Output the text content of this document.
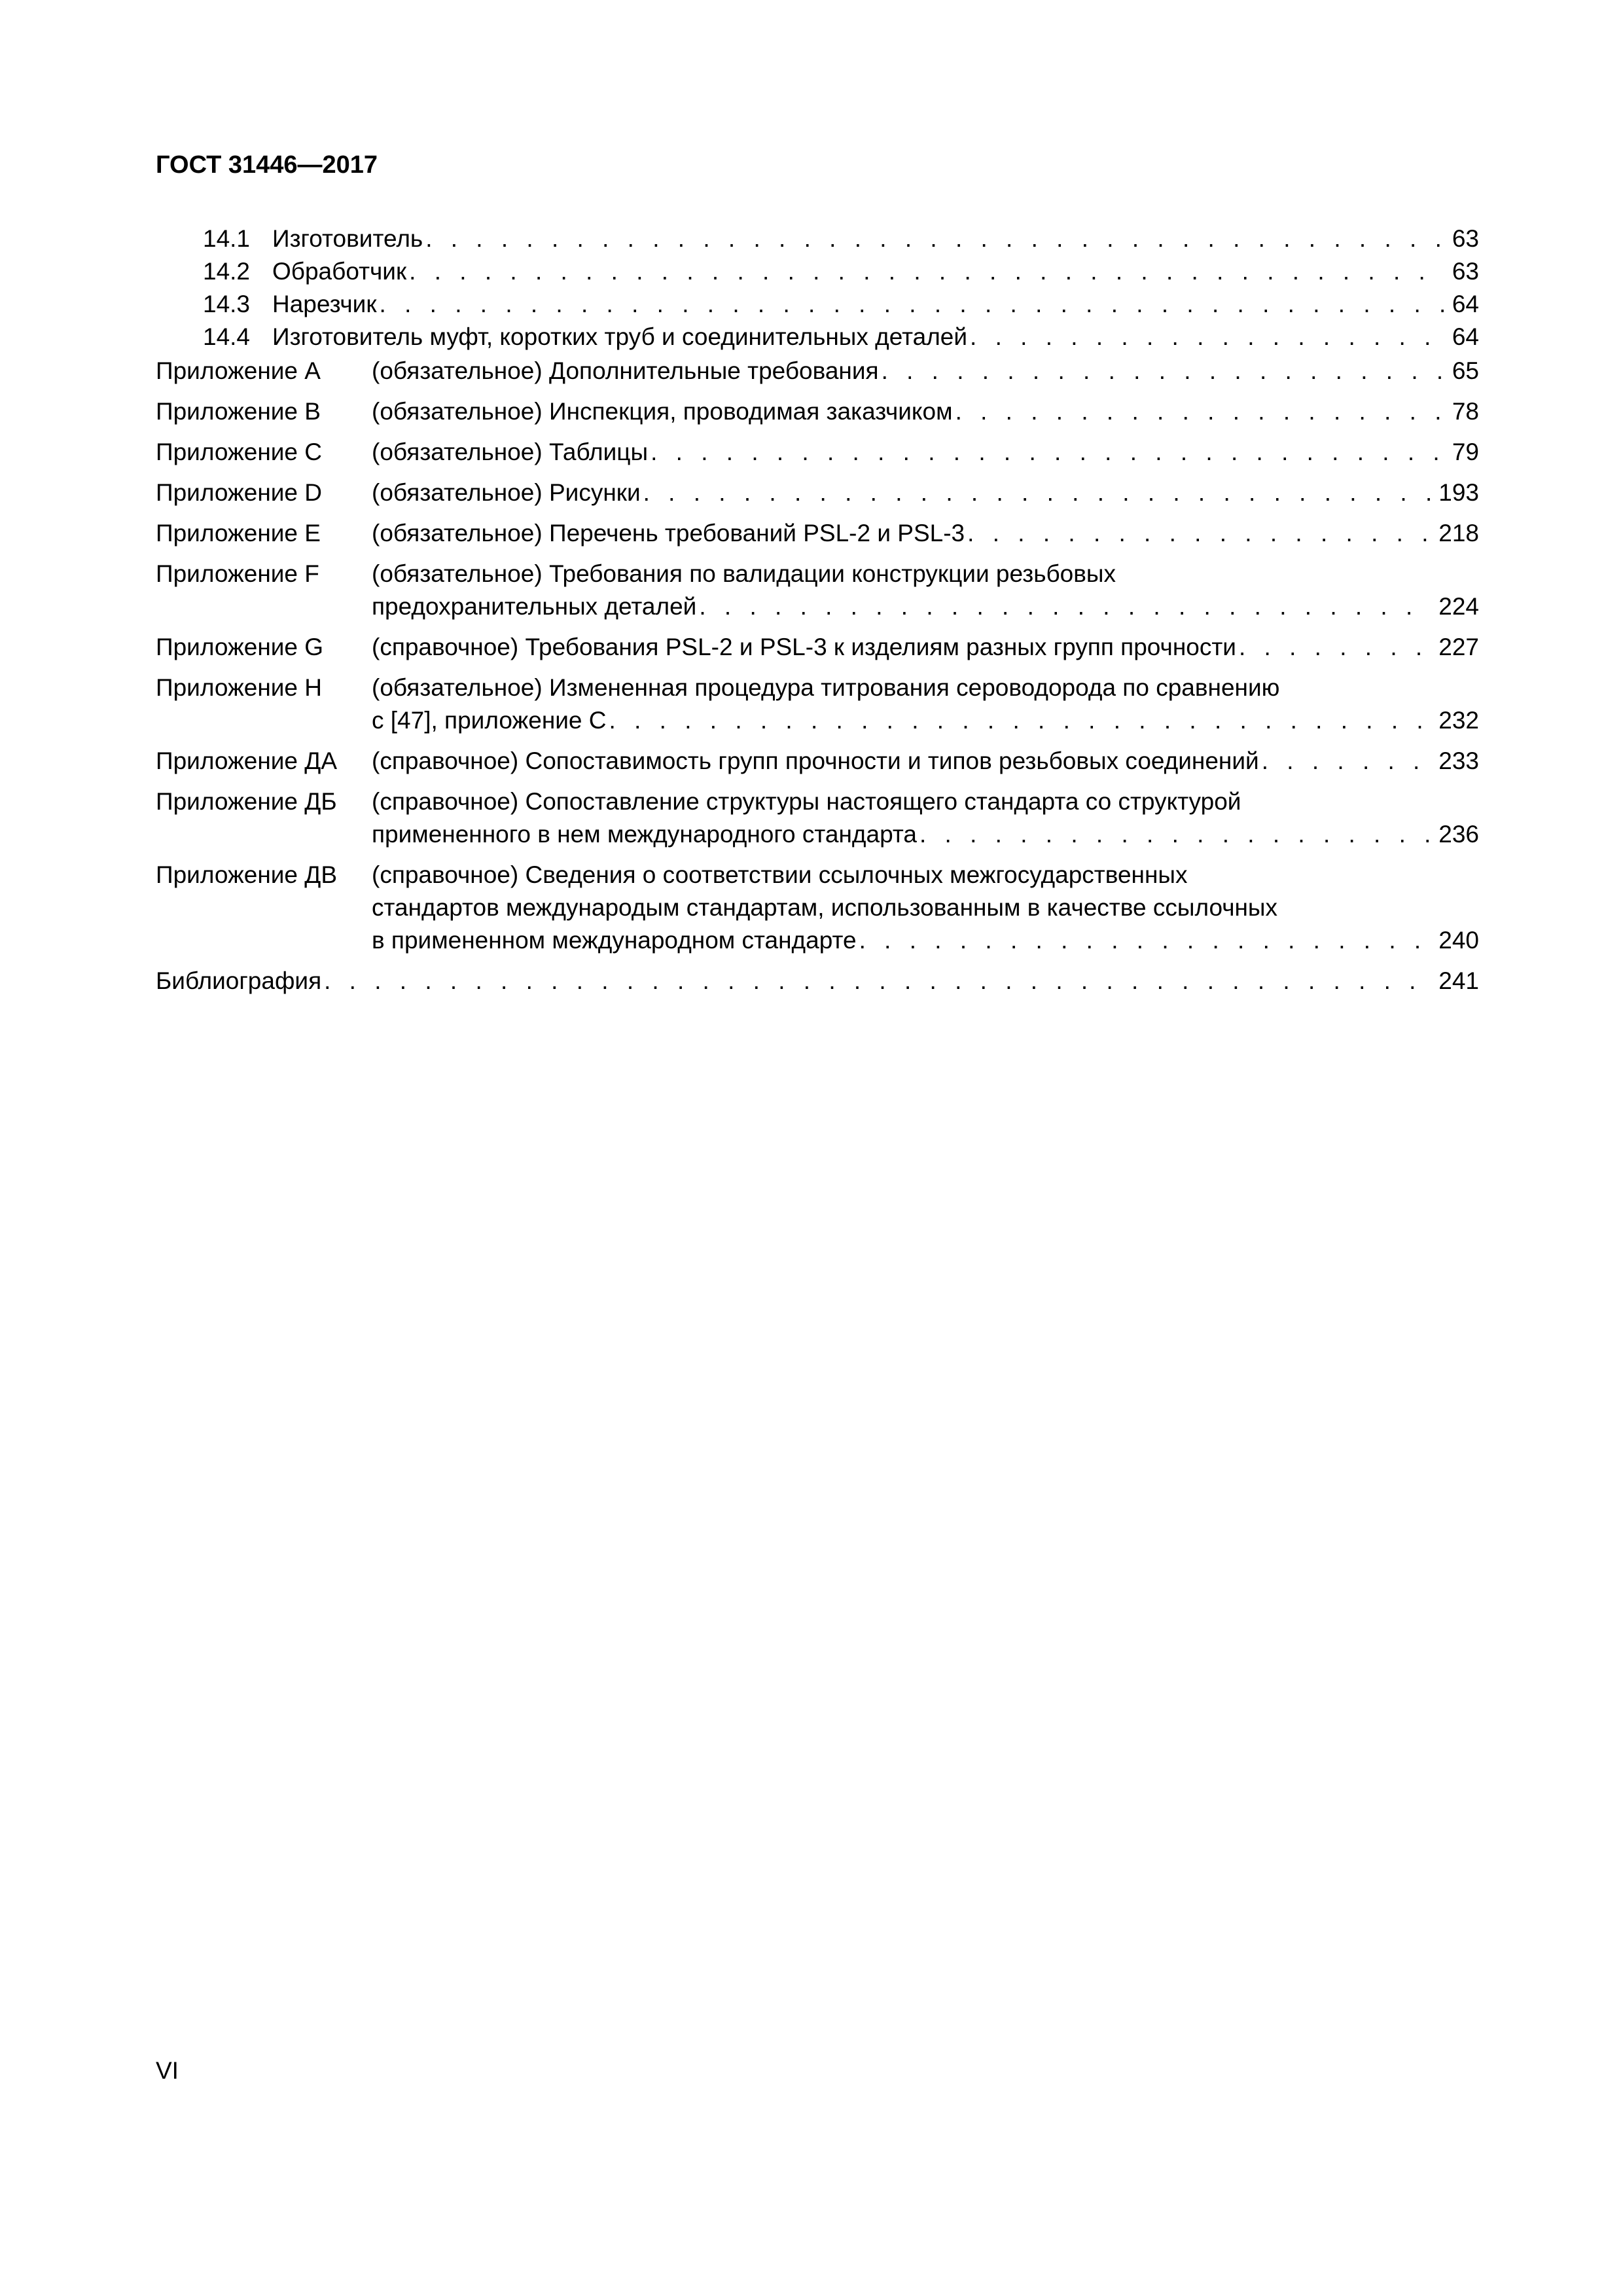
ГОСТ 31446—2017
14.1 Изготовитель . . .	63
14.2 Обработчик . . .	63
14.3 Нарезчик . . .	64
14.4 Изготовитель муфт, коротких труб и соединительных деталей . . .	64
Приложение A	(обязательное) Дополнительные требования . . .	65
Приложение B	(обязательное) Инспекция, проводимая заказчиком . . .	78
Приложение C	(обязательное) Таблицы . . .	79
Приложение D	(обязательное) Рисунки . . .	193
Приложение E	(обязательное) Перечень требований PSL-2 и PSL-3 . . .	218
Приложение F	(обязательное) Требования по валидации конструкции резьбовых
предохранительных деталей . . .	224
Приложение G	(справочное) Требования PSL-2 и PSL-3 к изделиям разных групп прочности . . .	227
Приложение H	(обязательное) Измененная процедура титрования сероводорода по сравнению
с [47], приложение С . . .	232
Приложение ДА	(справочное) Сопоставимость групп прочности и типов резьбовых соединений . . .	233
Приложение ДБ	(справочное) Сопоставление структуры настоящего стандарта со структурой
примененного в нем международного стандарта . . .	236
Приложение ДВ	(справочное) Сведения о соответствии ссылочных межгосударственных
стандартов международым стандартам, использованным в качестве ссылочных
в примененном международном стандарте . . .	240
Библиография . . .	241
VI
